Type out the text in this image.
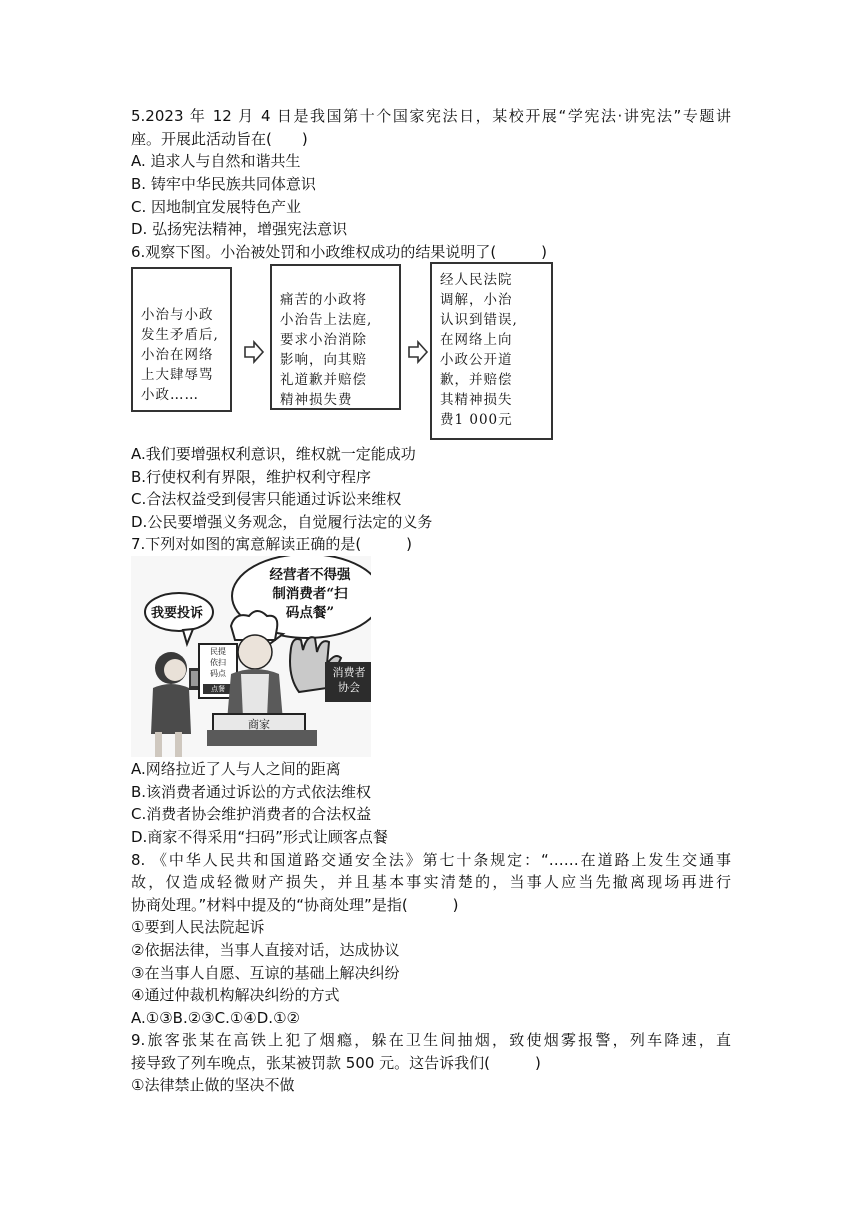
5.2023 年 12 月 4 日是我国第十个国家宪法日，某校开展“学宪法·讲宪法”专题讲
座。开展此活动旨在(　　)
A. 追求人与自然和谐共生
B. 铸牢中华民族共同体意识
C. 因地制宜发展特色产业
D. 弘扬宪法精神，增强宪法意识
6.观察下图。小治被处罚和小政维权成功的结果说明了(　　　)
小治与小政
发生矛盾后,
小治在网络
上大肆辱骂
小政……
痛苦的小政将
小治告上法庭,
要求小治消除
影响，向其赔
礼道歉并赔偿
精神损失费
经人民法院
调解，小治
认识到错误,
在网络上向
小政公开道
歉，并赔偿
其精神损失
费1 000元
A.我们要增强权利意识，维权就一定能成功
B.行使权利有界限，维护权利守程序
C.合法权益受到侵害只能通过诉讼来维权
D.公民要增强义务观念，自觉履行法定的义务
7.下列对如图的寓意解读正确的是(　　　)
我要投诉
经营者不得强
制消费者“扫
码点餐”
民提
依扫
码点
点餐
商家
消费者
协会
A.网络拉近了人与人之间的距离
B.该消费者通过诉讼的方式依法维权
C.消费者协会维护消费者的合法权益
D.商家不得采用“扫码”形式让顾客点餐
8. 《中华人民共和国道路交通安全法》第七十条规定：“……在道路上发生交通事
故，仅造成轻微财产损失，并且基本事实清楚的，当事人应当先撤离现场再进行
协商处理。”材料中提及的“协商处理”是指(　　　)
①要到人民法院起诉
②依据法律，当事人直接对话，达成协议
③在当事人自愿、互谅的基础上解决纠纷
④通过仲裁机构解决纠纷的方式
A.①③B.②③C.①④D.①②
9.旅客张某在高铁上犯了烟瘾，躲在卫生间抽烟，致使烟雾报警，列车降速，直
接导致了列车晚点，张某被罚款 500 元。这告诉我们(　　　)
①法律禁止做的坚决不做
